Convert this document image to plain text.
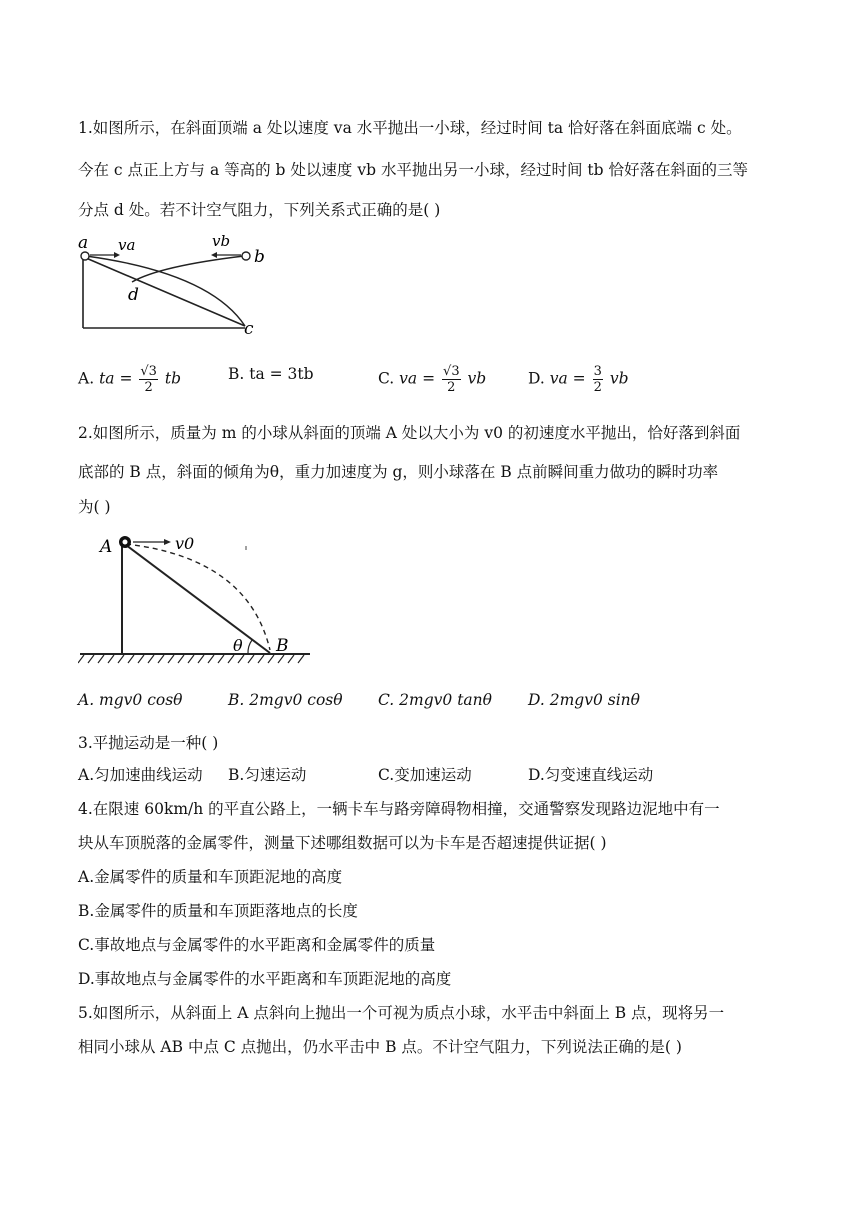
1.如图所示，在斜面顶端 a 处以速度 va 水平抛出一小球，经过时间 ta 恰好落在斜面底端 c 处。
今在 c 点正上方与 a 等高的 b 处以速度 vb 水平抛出另一小球，经过时间 tb 恰好落在斜面的三等
分点 d 处。若不计空气阻力，下列关系式正确的是( )
a va	vb
b
d
c
A. ta = $\frac{√3}{2}$ tb	B. ta = 3tb	C. va = $\frac{√3}{2}$ vb	D. va = $\frac{3}{2}$ vb
2.如图所示，质量为 m 的小球从斜面的顶端 A 处以大小为 v0 的初速度水平抛出，恰好落到斜面
底部的 B 点，斜面的倾角为θ，重力加速度为 g，则小球落在 B 点前瞬间重力做功的瞬时功率
为( )
A	v0
θ B
A. mgv0 cosθ	B. 2mgv0 cosθ C. 2mgv0 tanθ D. 2mgv0 sinθ
3.平抛运动是一种( )
A.匀加速曲线运动 B.匀速运动	C.变加速运动	D.匀变速直线运动
4.在限速 60km/h 的平直公路上，一辆卡车与路旁障碍物相撞，交通警察发现路边泥地中有一
块从车顶脱落的金属零件，测量下述哪组数据可以为卡车是否超速提供证据( )
A.金属零件的质量和车顶距泥地的高度
B.金属零件的质量和车顶距落地点的长度
C.事故地点与金属零件的水平距离和金属零件的质量
D.事故地点与金属零件的水平距离和车顶距泥地的高度
5.如图所示，从斜面上 A 点斜向上抛出一个可视为质点小球，水平击中斜面上 B 点，现将另一
相同小球从 AB 中点 C 点抛出，仍水平击中 B 点。不计空气阻力，下列说法正确的是( )
